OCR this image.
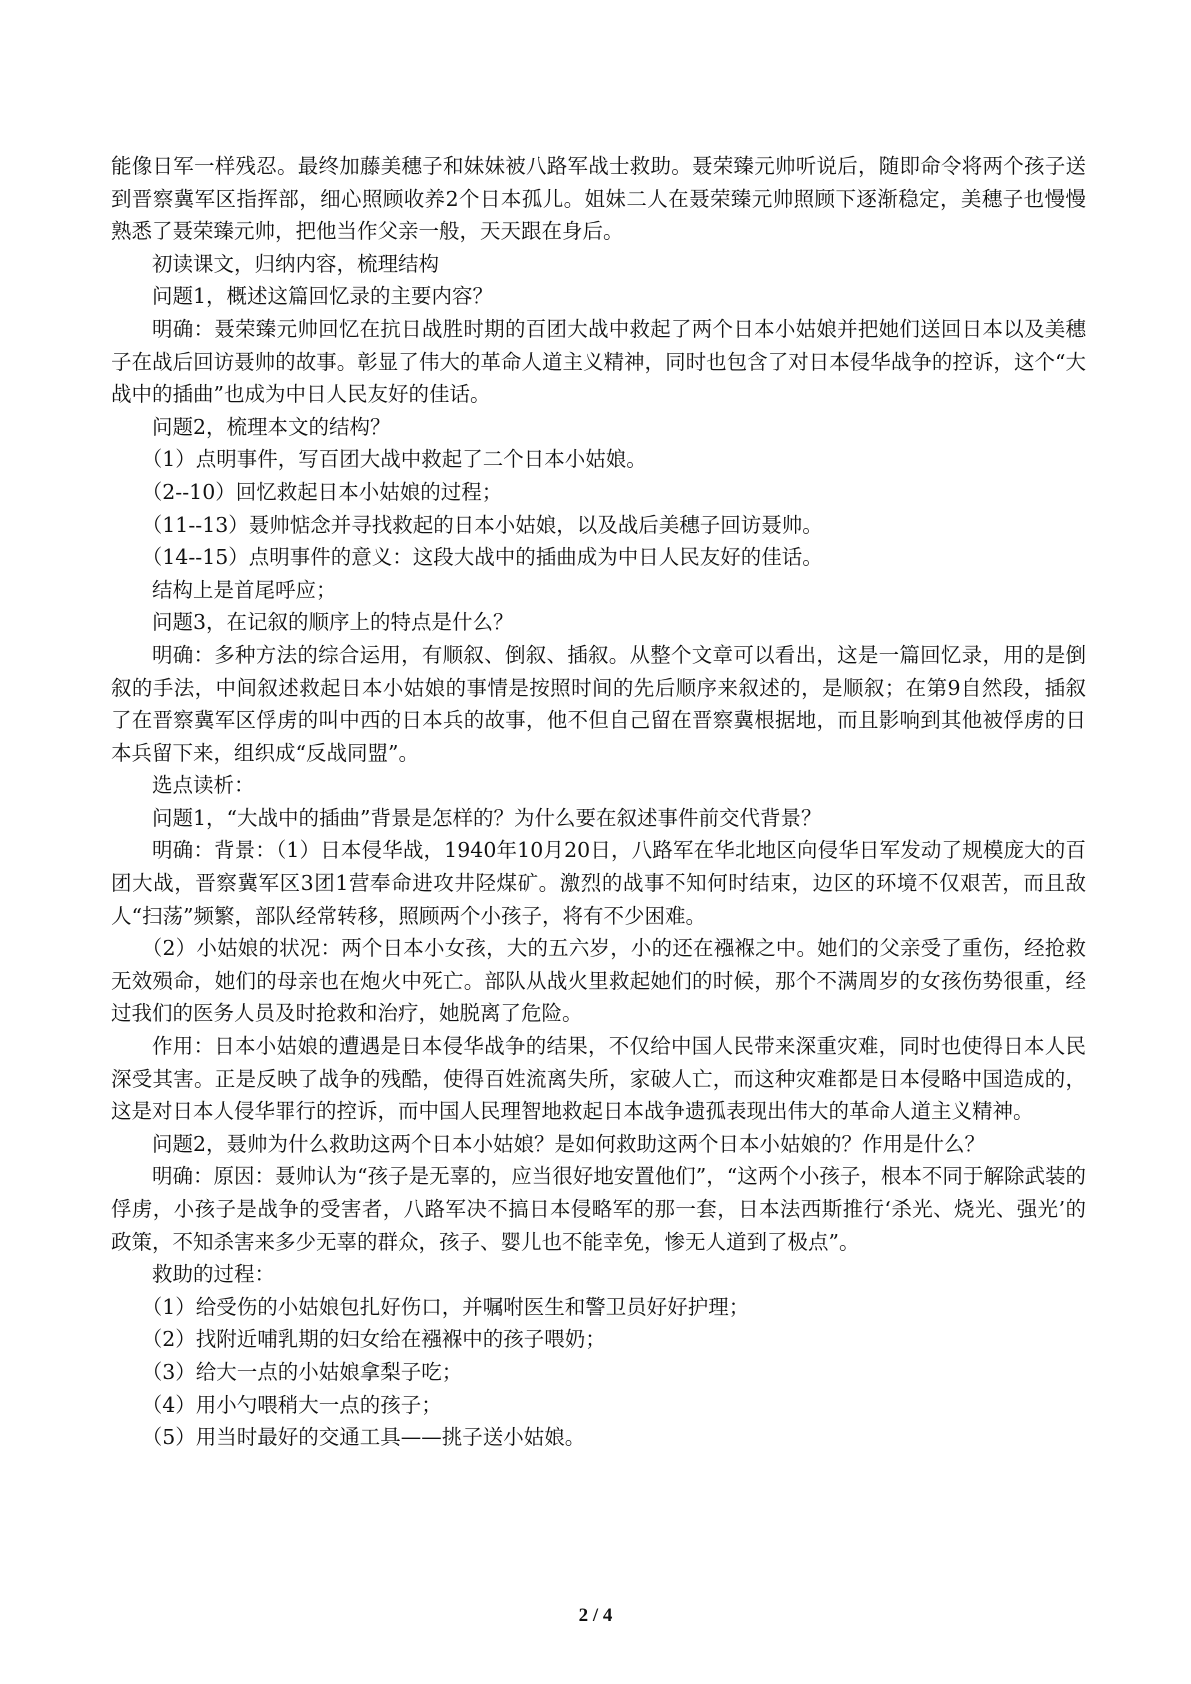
能像日军一样残忍。最终加藤美穗子和妹妹被八路军战士救助。聂荣臻元帅听说后，随即命令将两个孩子送到晋察冀军区指挥部，细心照顾收养2个日本孤儿。姐妹二人在聂荣臻元帅照顾下逐渐稳定，美穗子也慢慢熟悉了聂荣臻元帅，把他当作父亲一般，天天跟在身后。

初读课文，归纳内容，梳理结构

问题1，概述这篇回忆录的主要内容？

明确：聂荣臻元帅回忆在抗日战胜时期的百团大战中救起了两个日本小姑娘并把她们送回日本以及美穗子在战后回访聂帅的故事。彰显了伟大的革命人道主义精神，同时也包含了对日本侵华战争的控诉，这个“大战中的插曲”也成为中日人民友好的佳话。

问题2，梳理本文的结构？

（1）点明事件，写百团大战中救起了二个日本小姑娘。

（2--10）回忆救起日本小姑娘的过程；

（11--13）聂帅惦念并寻找救起的日本小姑娘，以及战后美穗子回访聂帅。

（14--15）点明事件的意义：这段大战中的插曲成为中日人民友好的佳话。

结构上是首尾呼应；

问题3，在记叙的顺序上的特点是什么？

明确：多种方法的综合运用，有顺叙、倒叙、插叙。从整个文章可以看出，这是一篇回忆录，用的是倒叙的手法，中间叙述救起日本小姑娘的事情是按照时间的先后顺序来叙述的，是顺叙；在第9自然段，插叙了在晋察冀军区俘虏的叫中西的日本兵的故事，他不但自己留在晋察冀根据地，而且影响到其他被俘虏的日本兵留下来，组织成“反战同盟”。

选点读析：

问题1，“大战中的插曲”背景是怎样的？为什么要在叙述事件前交代背景？

明确：背景：（1）日本侵华战，1940年10月20日，八路军在华北地区向侵华日军发动了规模庞大的百团大战，晋察冀军区3团1营奉命进攻井陉煤矿。激烈的战事不知何时结束，边区的环境不仅艰苦，而且敌人“扫荡”频繁，部队经常转移，照顾两个小孩子，将有不少困难。

（2）小姑娘的状况：两个日本小女孩，大的五六岁，小的还在襁褓之中。她们的父亲受了重伤，经抢救无效殒命，她们的母亲也在炮火中死亡。部队从战火里救起她们的时候，那个不满周岁的女孩伤势很重，经过我们的医务人员及时抢救和治疗，她脱离了危险。

作用：日本小姑娘的遭遇是日本侵华战争的结果，不仅给中国人民带来深重灾难，同时也使得日本人民深受其害。正是反映了战争的残酷，使得百姓流离失所，家破人亡，而这种灾难都是日本侵略中国造成的，这是对日本人侵华罪行的控诉，而中国人民理智地救起日本战争遗孤表现出伟大的革命人道主义精神。

问题2，聂帅为什么救助这两个日本小姑娘？是如何救助这两个日本小姑娘的？作用是什么？

明确：原因：聂帅认为“孩子是无辜的，应当很好地安置他们”，“这两个小孩子，根本不同于解除武装的俘虏，小孩子是战争的受害者，八路军决不搞日本侵略军的那一套，日本法西斯推行‘杀光、烧光、强光’的政策，不知杀害来多少无辜的群众，孩子、婴儿也不能幸免，惨无人道到了极点”。

救助的过程：

（1）给受伤的小姑娘包扎好伤口，并嘱咐医生和警卫员好好护理；

（2）找附近哺乳期的妇女给在襁褓中的孩子喂奶；

（3）给大一点的小姑娘拿梨子吃；

（4）用小勺喂稍大一点的孩子；

（5）用当时最好的交通工具——挑子送小姑娘。

2 / 4
